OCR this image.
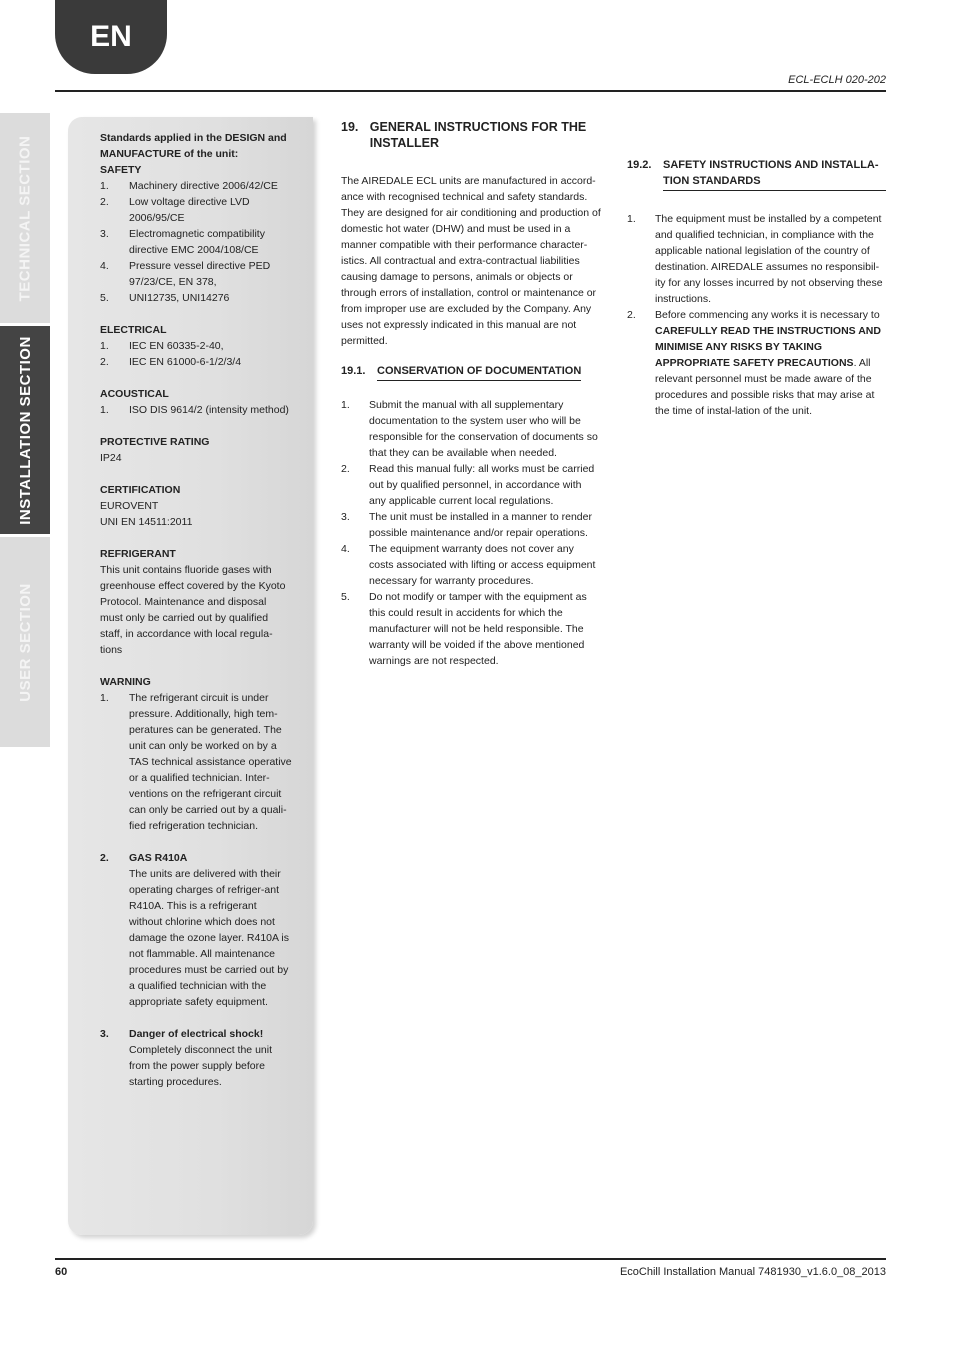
EN
ECL-ECLH 020-202
TECHNICAL SECTION
INSTALLATION SECTION
USER SECTION
Standards applied in the DESIGN and MANUFACTURE of the unit:
SAFETY
1.	Machinery directive 2006/42/CE
2.	Low voltage directive LVD 2006/95/CE
3.	Electromagnetic compatibility directive EMC 2004/108/CE
4.	Pressure vessel directive PED 97/23/CE, EN 378,
5.	UNI12735, UNI14276
ELECTRICAL
1.	IEC EN 60335-2-40,
2.	IEC EN 61000-6-1/2/3/4
ACOUSTICAL
1.	ISO DIS 9614/2 (intensity method)
PROTECTIVE RATING
IP24
CERTIFICATION
EUROVENT
UNI EN 14511:2011
REFRIGERANT
This unit contains fluoride gases with greenhouse effect covered by the Kyoto Protocol. Maintenance and disposal must only be carried out by qualified staff, in accordance with local regula-tions
WARNING
1.	The refrigerant circuit is under pressure. Additionally, high tem-peratures can be generated. The unit can only be worked on by a TAS technical assistance operative or a qualified technician. Inter-ventions on the refrigerant circuit can only be carried out by a quali-fied refrigeration technician.
2.	GAS R410A
The units are delivered with their operating charges of refriger-ant R410A. This is a refrigerant without chlorine which does not damage the ozone layer. R410A is not flammable. All maintenance procedures must be carried out by a qualified technician with the appropriate safety equipment.
3.	Danger of electrical shock!
Completely disconnect the unit from the power supply before starting procedures.
19. GENERAL INSTRUCTIONS FOR THE INSTALLER
The AIREDALE ECL units are manufactured in accord-ance with recognised technical and safety standards. They are designed for air conditioning and production of domestic hot water (DHW) and must be used in a manner compatible with their performance character-istics. All contractual and extra-contractual liabilities causing damage to persons, animals or objects or through errors of installation, control or maintenance or from improper use are excluded by the Company. Any uses not expressly indicated in this manual are not permitted.
19.1.	CONSERVATION OF DOCUMENTATION
1.	Submit the manual with all supplementary documentation to the system user who will be responsible for the conservation of documents so that they can be available when needed.
2.	Read this manual fully: all works must be carried out by qualified personnel, in accordance with any applicable current local regulations.
3.	The unit must be installed in a manner to render possible maintenance and/or repair operations.
4.	The equipment warranty does not cover any costs associated with lifting or access equipment necessary for warranty procedures.
5.	Do not modify or tamper with the equipment as this could result in accidents for which the manufacturer will not be held responsible. The warranty will be voided if the above mentioned warnings are not respected.
19.2.	SAFETY INSTRUCTIONS AND INSTALLA-TION STANDARDS
1.	The equipment must be installed by a competent and qualified technician, in compliance with the applicable national legislation of the country of destination. AIREDALE assumes no responsibil-ity for any losses incurred by not observing these instructions.
2.	Before commencing any works it is necessary to CAREFULLY READ THE INSTRUCTIONS AND MINIMISE ANY RISKS BY TAKING APPROPRIATE SAFETY PRECAUTIONS. All relevant personnel must be made aware of the procedures and possible risks that may arise at the time of instal-lation of the unit.
60	EcoChill Installation Manual 7481930_v1.6.0_08_2013
